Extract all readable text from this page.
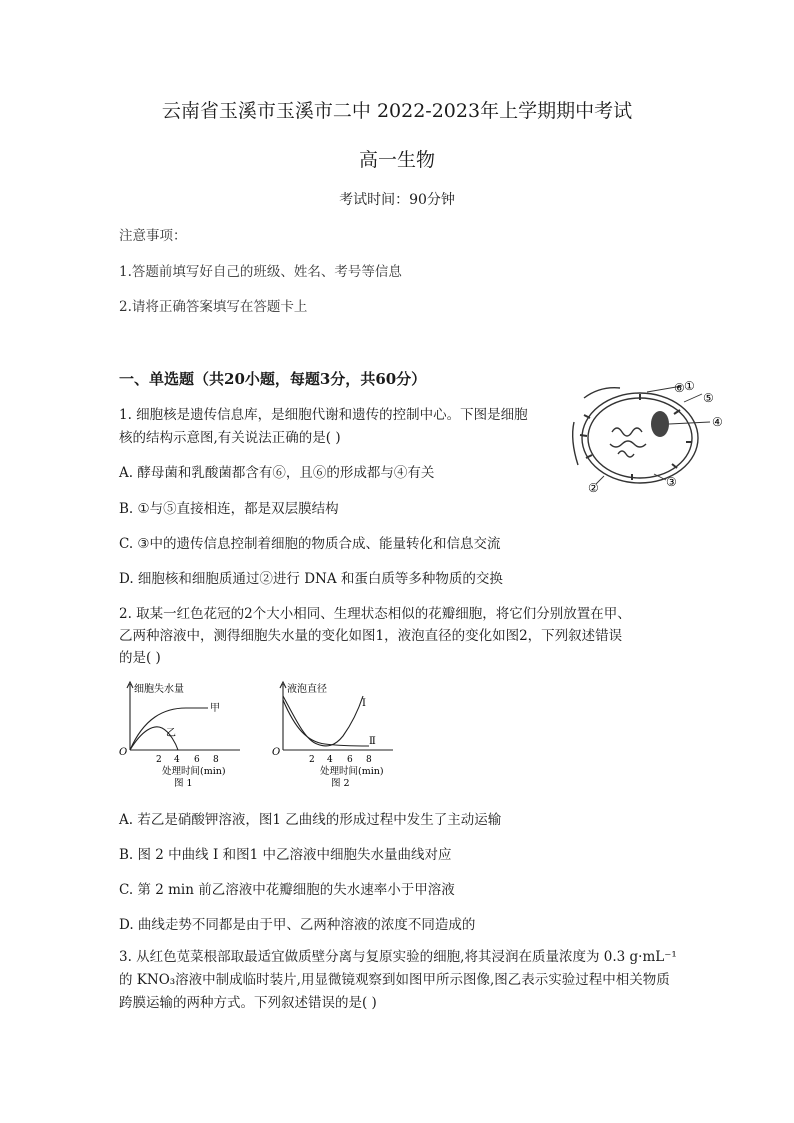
云南省玉溪市玉溪市二中 2022-2023年上学期期中考试
高一生物
考试时间：90分钟
注意事项：
1.答题前填写好自己的班级、姓名、考号等信息
2.请将正确答案填写在答题卡上
一、单选题（共20小题，每题3分，共60分）
1. 细胞核是遗传信息库，是细胞代谢和遗传的控制中心。下图是细胞
核的结构示意图,有关说法正确的是( )
A. 酵母菌和乳酸菌都含有⑥，且⑥的形成都与④有关
B. ①与⑤直接相连，都是双层膜结构
C. ③中的遗传信息控制着细胞的物质合成、能量转化和信息交流
D. 细胞核和细胞质通过②进行 DNA 和蛋白质等多种物质的交换
①
②	③
④
⑤
⑥
2. 取某一红色花冠的2个大小相同、生理状态相似的花瓣细胞，将它们分别放置在甲、
乙两种溶液中，测得细胞失水量的变化如图1，液泡直径的变化如图2，下列叙述错误
的是( )
细胞失水量
O
甲
乙
2 4 6 8
处理时间(min)
图 1
液泡直径
O
I
Ⅱ
2 4 6 8
处理时间(min)
图 2
A. 若乙是硝酸钾溶液，图1 乙曲线的形成过程中发生了主动运输
B. 图 2 中曲线 I 和图1 中乙溶液中细胞失水量曲线对应
C. 第 2 min 前乙溶液中花瓣细胞的失水速率小于甲溶液
D. 曲线走势不同都是由于甲、乙两种溶液的浓度不同造成的
3. 从红色苋菜根部取最适宜做质壁分离与复原实验的细胞,将其浸润在质量浓度为 0.3 g·mL⁻¹的 KNO₃溶液中制成临时装片,用显微镜观察到如图甲所示图像,图乙表示实验过程中相关物质跨膜运输的两种方式。下列叙述错误的是( )
